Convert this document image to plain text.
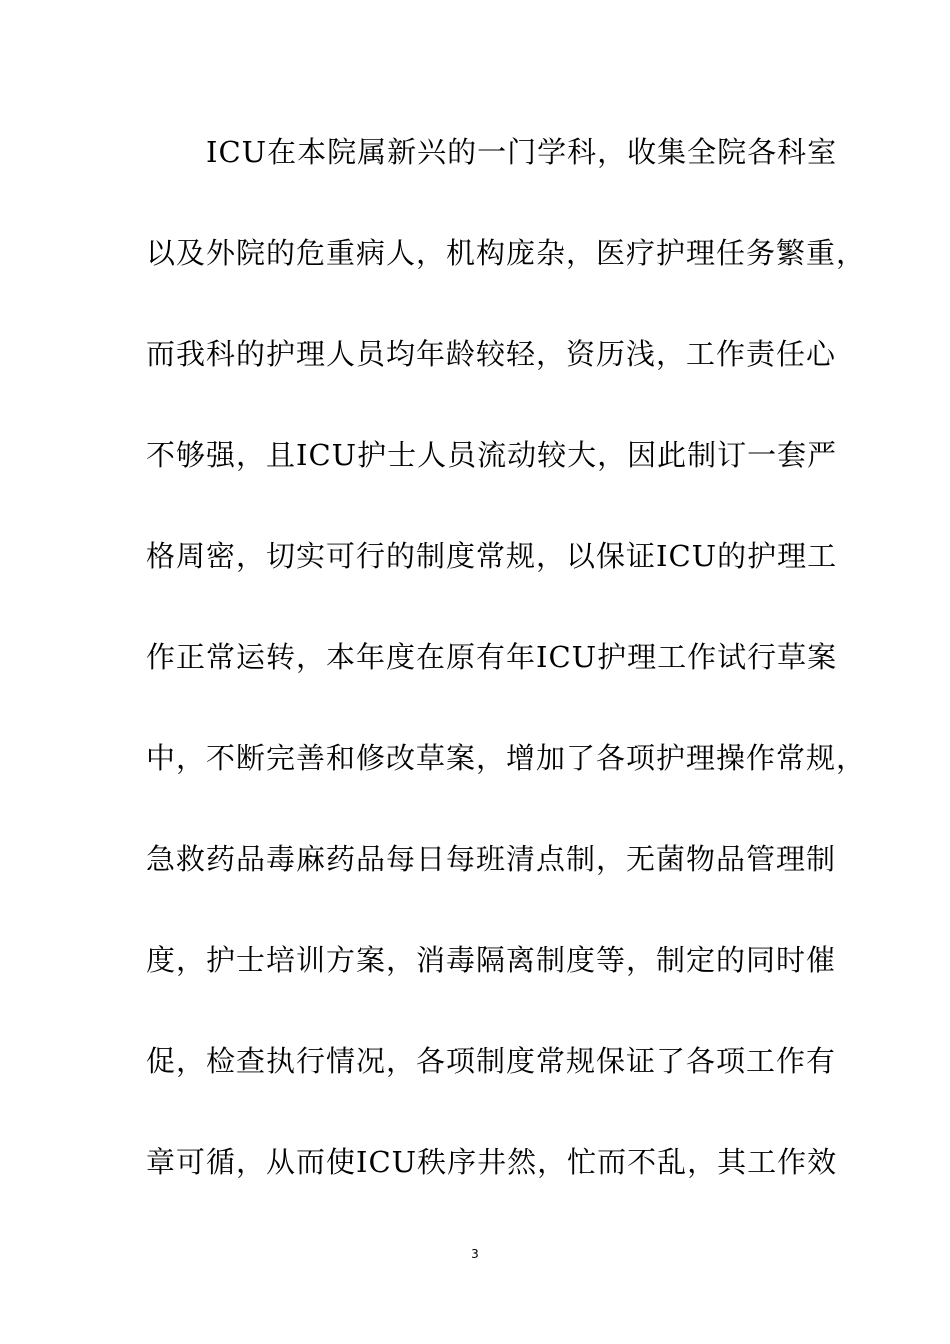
ICU在本院属新兴的一门学科，收集全院各科室
以及外院的危重病人，机构庞杂，医疗护理任务繁重，
而我科的护理人员均年龄较轻，资历浅，工作责任心
不够强，且ICU护士人员流动较大，因此制订一套严
格周密，切实可行的制度常规，以保证ICU的护理工
作正常运转，本年度在原有年ICU护理工作试行草案
中，不断完善和修改草案，增加了各项护理操作常规，
急救药品毒麻药品每日每班清点制，无菌物品管理制
度，护士培训方案，消毒隔离制度等，制定的同时催
促，检查执行情况，各项制度常规保证了各项工作有
章可循，从而使ICU秩序井然，忙而不乱，其工作效
3
